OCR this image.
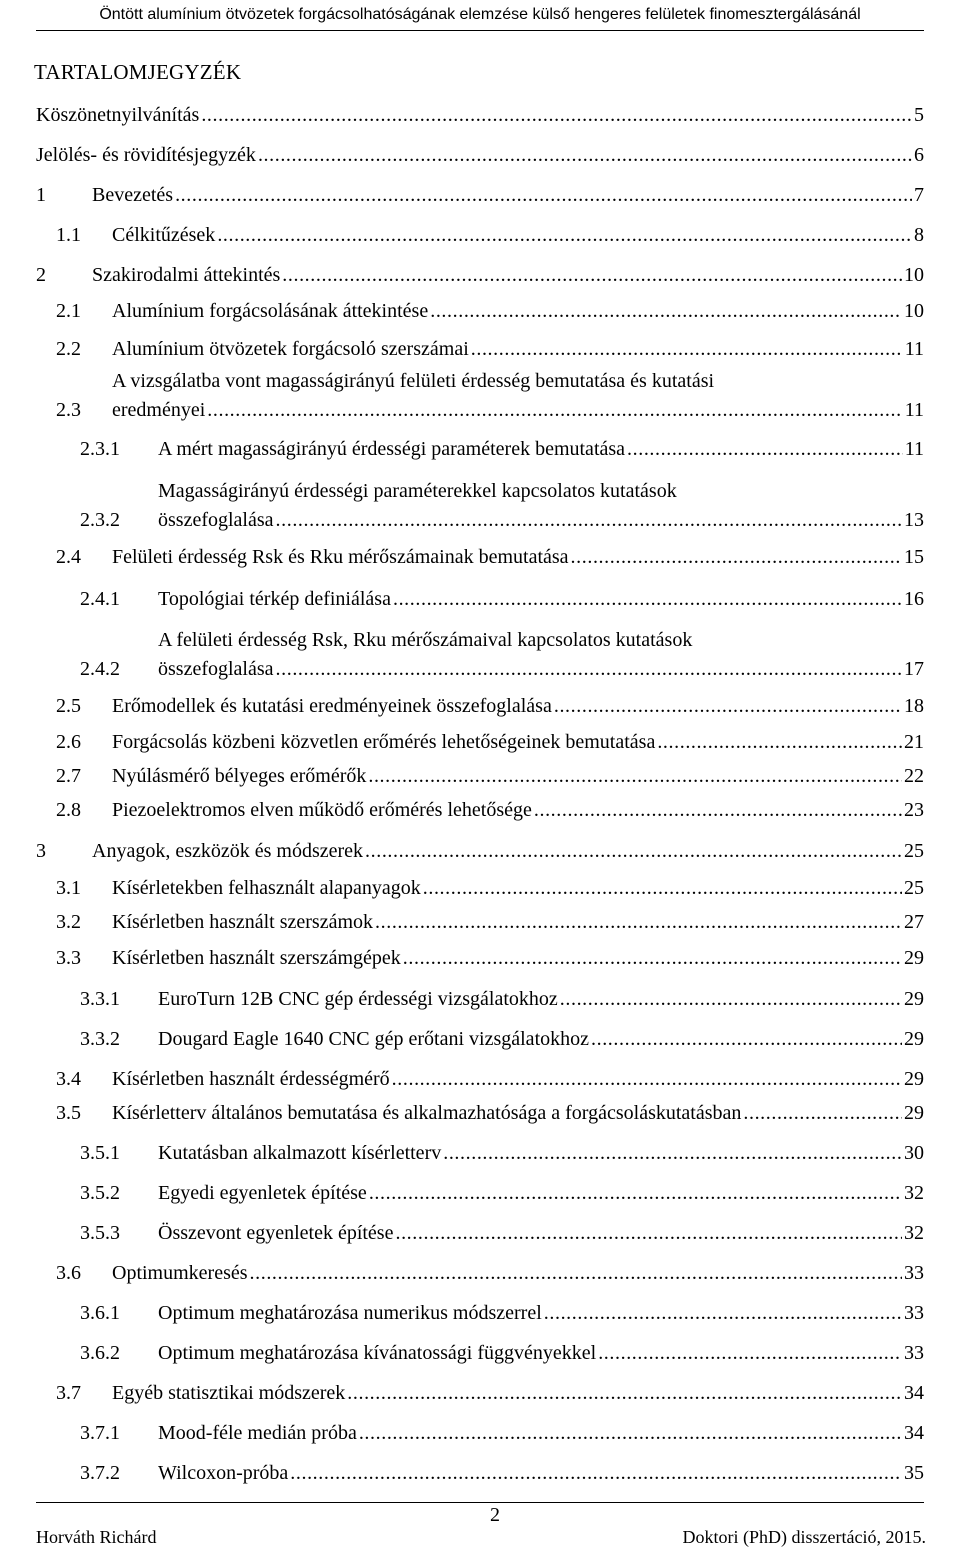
Öntött alumínium ötvözetek forgácsolhatóságának elemzése külső hengeres felületek finomesztergálásánál
TARTALOMJEGYZÉK
Köszönetnyilvánítás .....	5
Jelölés- és rövidítésjegyzék .....	6
1 Bevezetés .....	7
1.1 Célkitűzések .....	8
2 Szakirodalmi áttekintés .....	10
2.1 Alumínium forgácsolásának áttekintése .....	10
2.2 Alumínium ötvözetek forgácsoló szerszámai .....	11
2.3
A vizsgálatba vont magasságirányú felületi érdesség bemutatása és kutatási
eredményei .....	11
2.3.1 A mért magasságirányú érdességi paraméterek bemutatása .....	11
2.3.2
Magasságirányú érdességi paraméterekkel kapcsolatos kutatások
összefoglalása .....	13
2.4 Felületi érdesség Rsk és Rku mérőszámainak bemutatása .....	15
2.4.1 Topológiai térkép definiálása .....	16
2.4.2
A felületi érdesség Rsk, Rku mérőszámaival kapcsolatos kutatások
összefoglalása .....	17
2.5 Erőmodellek és kutatási eredményeinek összefoglalása .....	18
2.6 Forgácsolás közbeni közvetlen erőmérés lehetőségeinek bemutatása .....	21
2.7 Nyúlásmérő bélyeges erőmérők .....	22
2.8 Piezoelektromos elven működő erőmérés lehetősége .....	23
3 Anyagok, eszközök és módszerek .....	25
3.1 Kísérletekben felhasznált alapanyagok .....	25
3.2 Kísérletben használt szerszámok .....	27
3.3 Kísérletben használt szerszámgépek .....	29
3.3.1 EuroTurn 12B CNC gép érdességi vizsgálatokhoz .....	29
3.3.2 Dougard Eagle 1640 CNC gép erőtani vizsgálatokhoz .....	29
3.4 Kísérletben használt érdességmérő .....	29
3.5 Kísérletterv általános bemutatása és alkalmazhatósága a forgácsoláskutatásban .....	29
3.5.1 Kutatásban alkalmazott kísérletterv .....	30
3.5.2 Egyedi egyenletek építése .....	32
3.5.3 Összevont egyenletek építése .....	32
3.6 Optimumkeresés .....	33
3.6.1 Optimum meghatározása numerikus módszerrel .....	33
3.6.2 Optimum meghatározása kívánatossági függvényekkel .....	33
3.7 Egyéb statisztikai módszerek .....	34
3.7.1 Mood-féle medián próba .....	34
3.7.2 Wilcoxon-próba .....	35
2
Horváth Richárd	Doktori (PhD) disszertáció, 2015.
